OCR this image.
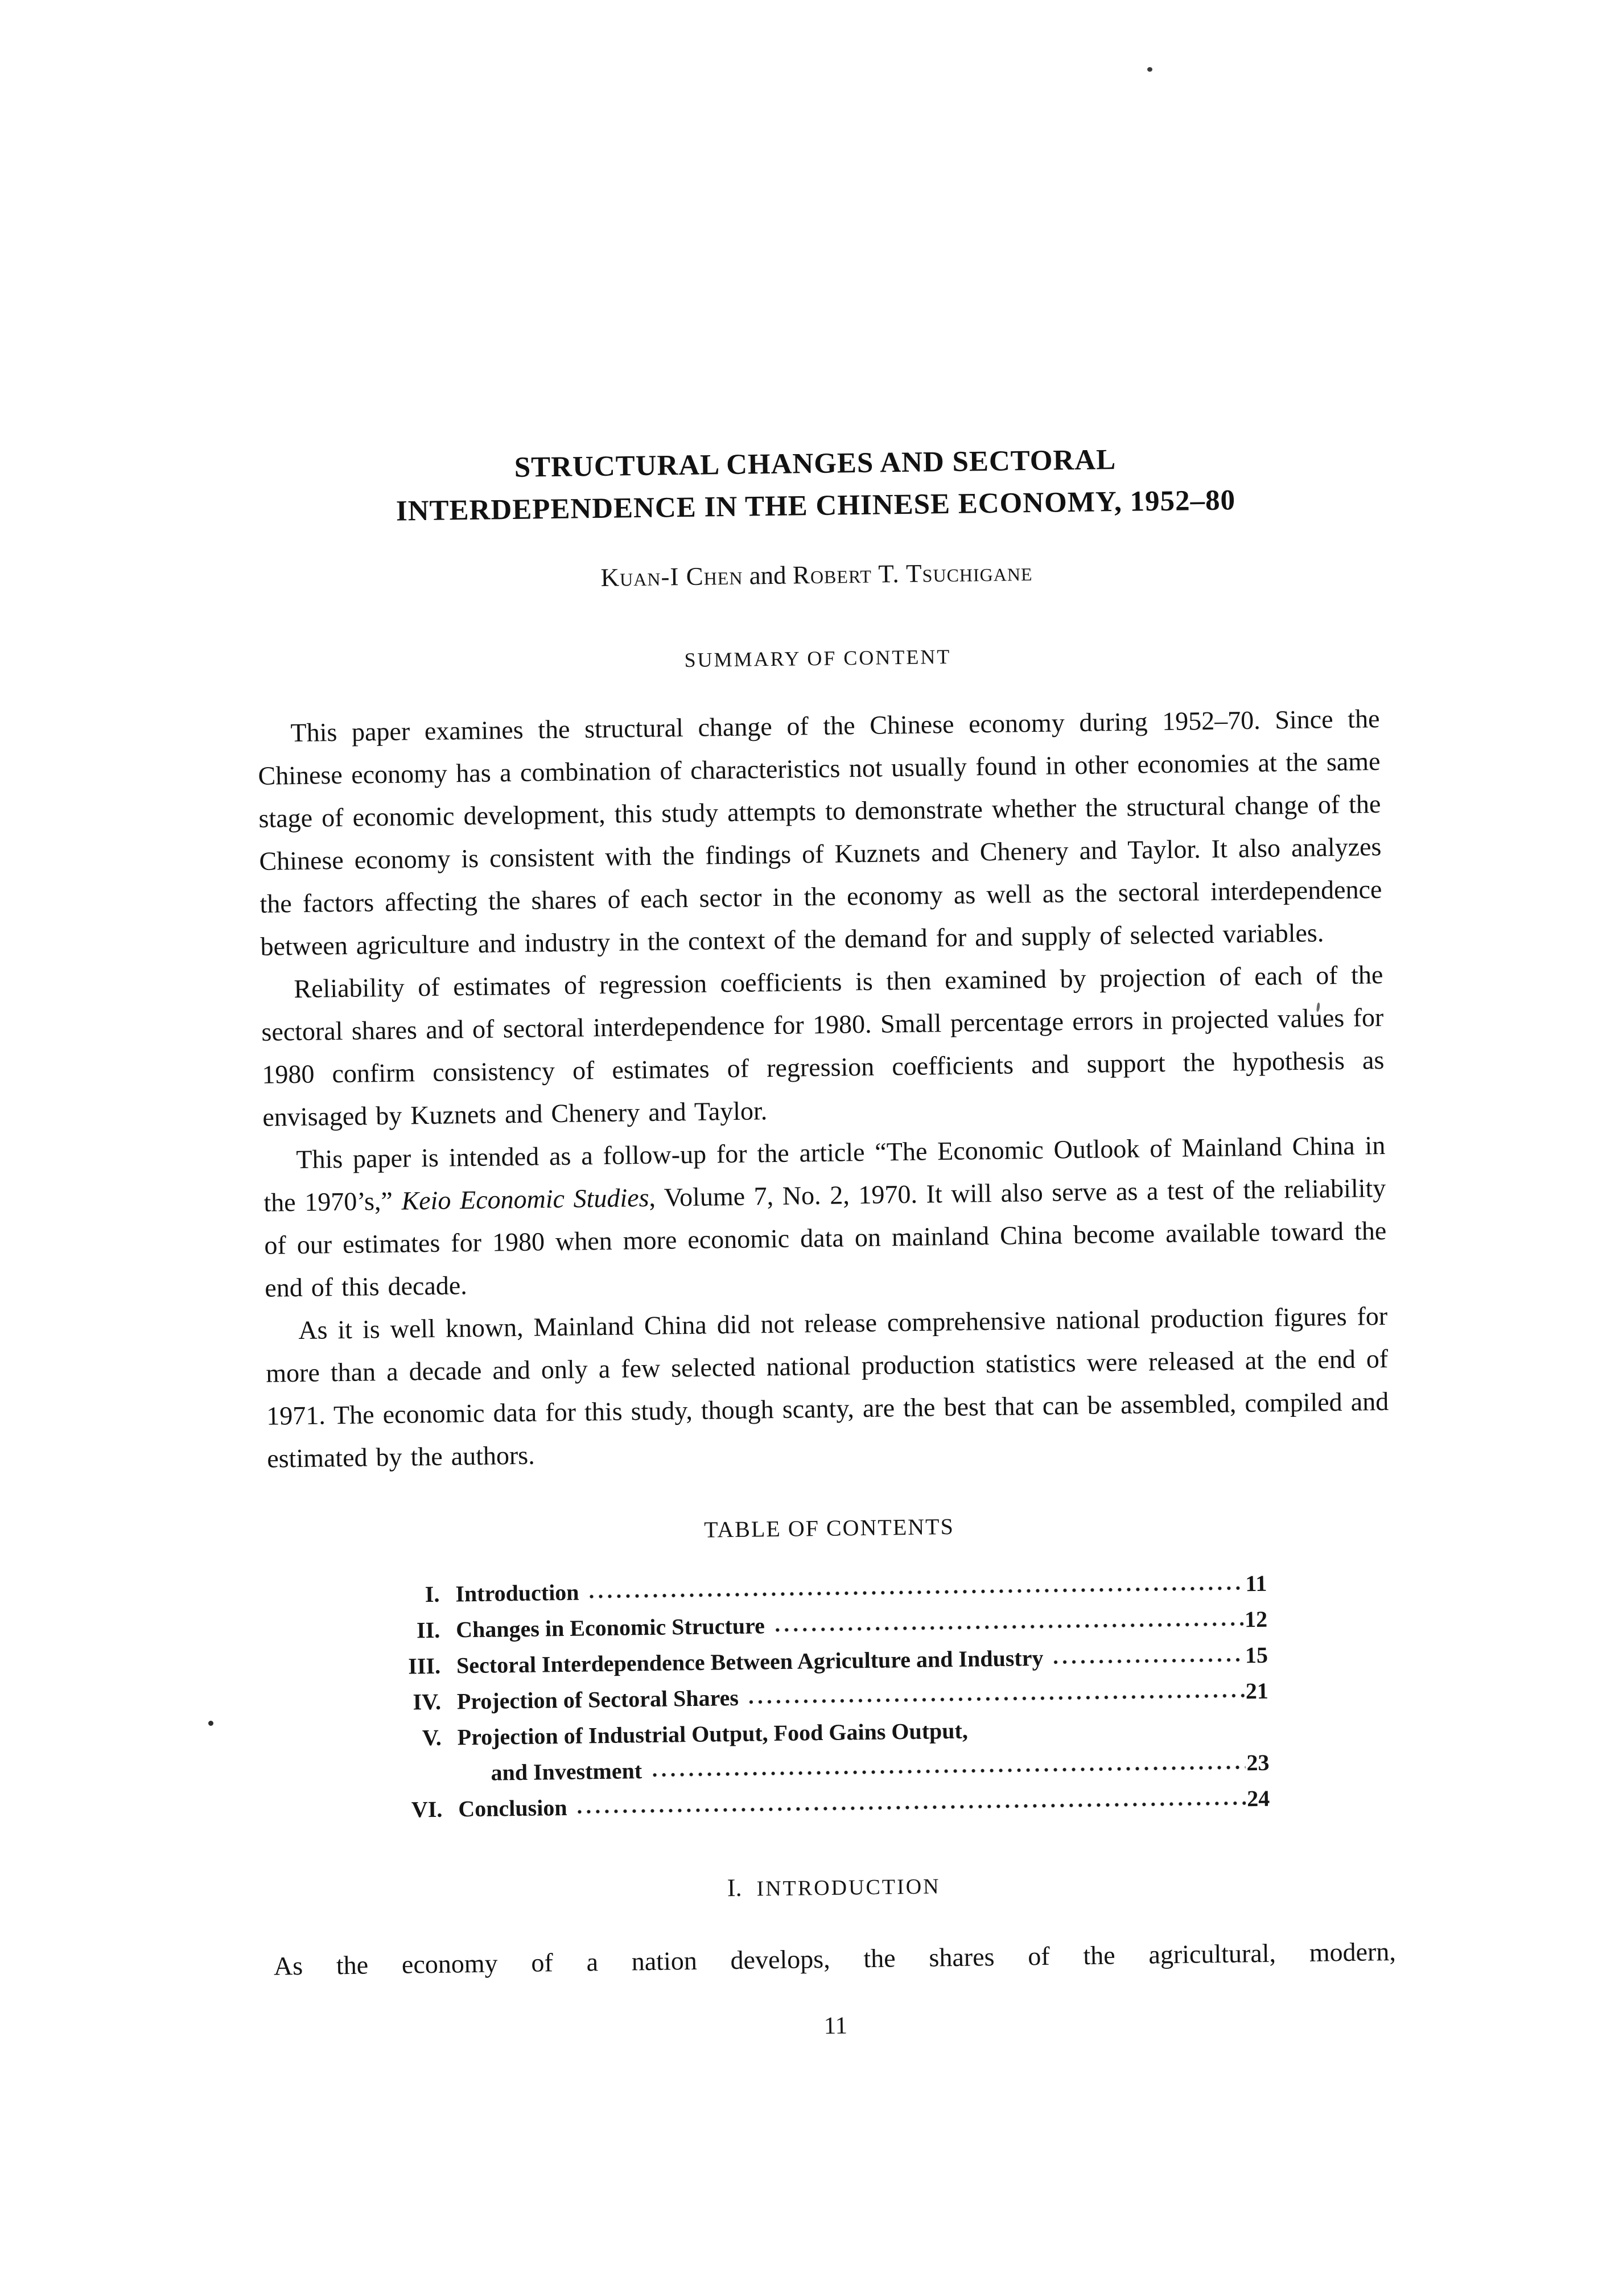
STRUCTURAL CHANGES AND SECTORAL
INTERDEPENDENCE IN THE CHINESE ECONOMY, 1952–80
Kuan-I Chen and Robert T. Tsuchigane
SUMMARY OF CONTENT

This paper examines the structural change of the Chinese economy during 1952–70. Since the Chinese economy has a combination of characteristics not usually found in other economies at the same stage of economic development, this study attempts to demonstrate whether the structural change of the Chinese economy is consistent with the findings of Kuznets and Chenery and Taylor. It also analyzes the factors affecting the shares of each sector in the economy as well as the sectoral interdependence between agriculture and industry in the context of the demand for and supply of selected variables.

Reliability of estimates of regression coefficients is then examined by projection of each of the sectoral shares and of sectoral interdependence for 1980. Small percentage errors in projected values for 1980 confirm consistency of estimates of regression coefficients and support the hypothesis as envisaged by Kuznets and Chenery and Taylor.

This paper is intended as a follow-up for the article “The Economic Outlook of Mainland China in the 1970’s,” Keio Economic Studies, Volume 7, No. 2, 1970. It will also serve as a test of the reliability of our estimates for 1980 when more economic data on mainland China become available toward the end of this decade.

As it is well known, Mainland China did not release comprehensive national production figures for more than a decade and only a few selected national production statistics were released at the end of 1971. The economic data for this study, though scanty, are the best that can be assembled, compiled and estimated by the authors.

TABLE OF CONTENTS
I. Introduction	11
II. Changes in Economic Structure	12
III. Sectoral Interdependence Between Agriculture and Industry	15
IV. Projection of Sectoral Shares	21
V. Projection of Industrial Output, Food Gains Output,
and Investment	23
VI. Conclusion	24
I. INTRODUCTION
As the economy of a nation develops, the shares of the agricultural, modern,
11
